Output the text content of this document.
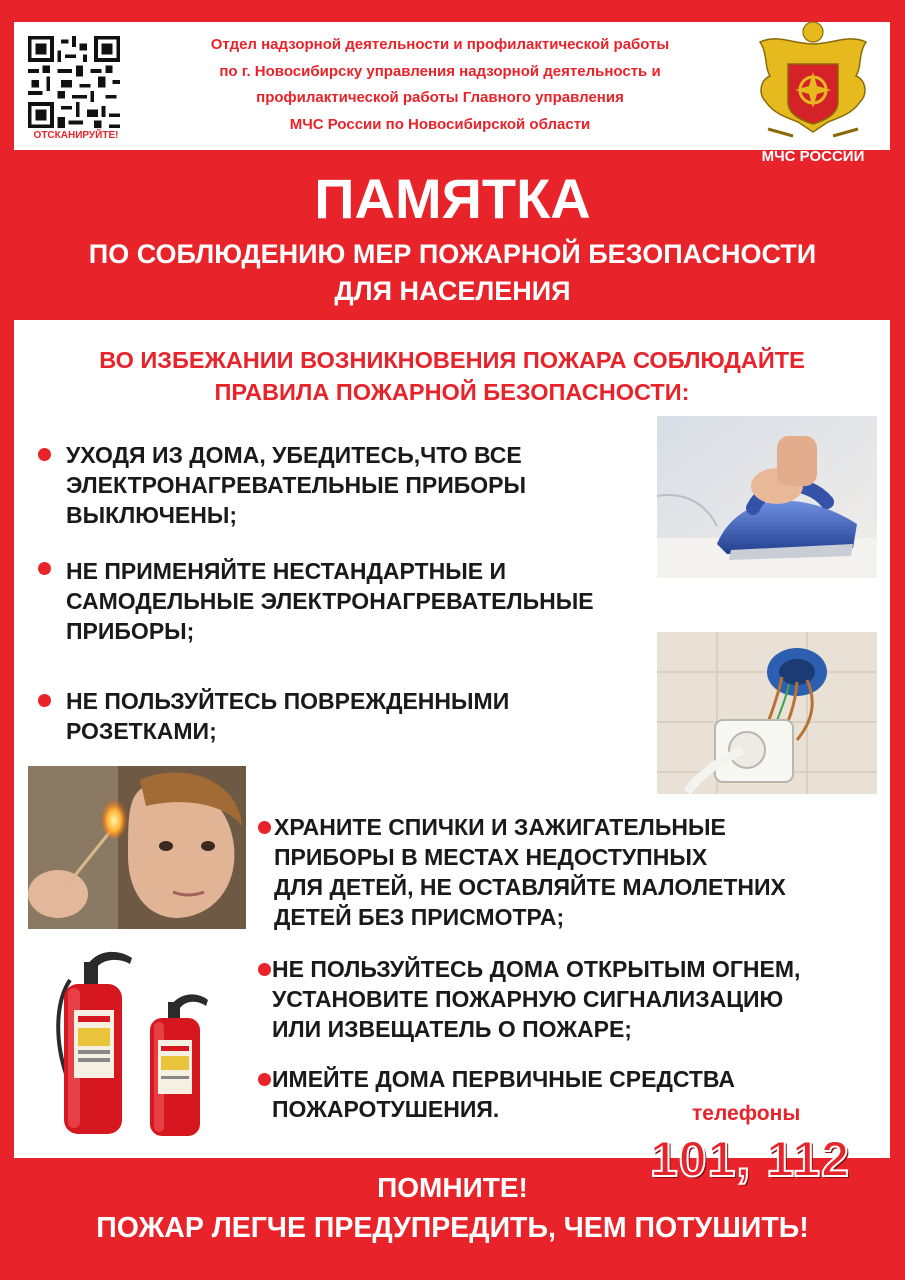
ОТСКАНИРУЙТЕ!
Отдел надзорной деятельности и профилактической работы
по г. Новосибирску управления надзорной деятельность и
профилактической работы Главного управления
МЧС России по Новосибирской области
МЧС РОССИИ
ПАМЯТКА
ПО СОБЛЮДЕНИЮ МЕР ПОЖАРНОЙ БЕЗОПАСНОСТИ
ДЛЯ НАСЕЛЕНИЯ
ВО ИЗБЕЖАНИИ ВОЗНИКНОВЕНИЯ ПОЖАРА СОБЛЮДАЙТЕ
ПРАВИЛА ПОЖАРНОЙ БЕЗОПАСНОСТИ:
УХОДЯ ИЗ ДОМА, УБЕДИТЕСЬ,ЧТО ВСЕ
ЭЛЕКТРОНАГРЕВАТЕЛЬНЫЕ ПРИБОРЫ
ВЫКЛЮЧЕНЫ;
НЕ ПРИМЕНЯЙТЕ НЕСТАНДАРТНЫЕ И
САМОДЕЛЬНЫЕ ЭЛЕКТРОНАГРЕВАТЕЛЬНЫЕ
ПРИБОРЫ;
НЕ ПОЛЬЗУЙТЕСЬ ПОВРЕЖДЕННЫМИ
РОЗЕТКАМИ;
ХРАНИТЕ СПИЧКИ И ЗАЖИГАТЕЛЬНЫЕ
ПРИБОРЫ В МЕСТАХ НЕДОСТУПНЫХ
ДЛЯ ДЕТЕЙ, НЕ ОСТАВЛЯЙТЕ МАЛОЛЕТНИХ
ДЕТЕЙ БЕЗ ПРИСМОТРА;
НЕ ПОЛЬЗУЙТЕСЬ ДОМА ОТКРЫТЫМ ОГНЕМ,
УСТАНОВИТЕ ПОЖАРНУЮ СИГНАЛИЗАЦИЮ
ИЛИ ИЗВЕЩАТЕЛЬ О ПОЖАРЕ;
ИМЕЙТЕ ДОМА ПЕРВИЧНЫЕ СРЕДСТВА
ПОЖАРОТУШЕНИЯ.	телефоны
101, 112
ПОМНИТЕ!
ПОЖАР ЛЕГЧЕ ПРЕДУПРЕДИТЬ, ЧЕМ ПОТУШИТЬ!
